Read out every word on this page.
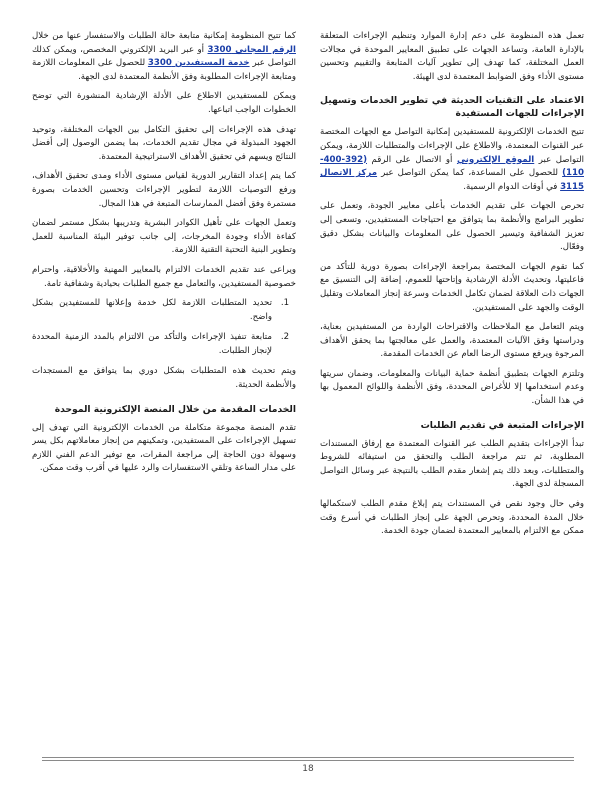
تعمل هذه المنظومة على دعم إدارة الموارد وتنظيم الإجراءات المتعلقة بالإدارة العامة، وتساعد الجهات على تطبيق المعايير الموحدة في مجالات العمل المختلفة، كما تهدف إلى تطوير آليات المتابعة والتقييم وتحسين مستوى الأداء وفق الضوابط المعتمدة لدى الهيئة.

الاعتماد على التقنيات الحديثة في تطوير الخدمات وتسهيل الإجراءات للجهات المستفيدة

تتيح الخدمات الإلكترونية للمستفيدين إمكانية التواصل مع الجهات المختصة عبر القنوات المعتمدة، والاطلاع على الإجراءات والمتطلبات اللازمة، ويمكن التواصل عبر الموقع الإلكتروني أو الاتصال على الرقم (392-400-110) للحصول على المساعدة، كما يمكن التواصل عبر مركز الاتصال 3115 في أوقات الدوام الرسمية.

تحرص الجهات على تقديم الخدمات بأعلى معايير الجودة، وتعمل على تطوير البرامج والأنظمة بما يتوافق مع احتياجات المستفيدين، وتسعى إلى تعزيز الشفافية وتيسير الحصول على المعلومات والبيانات بشكل دقيق وفعّال.

كما تقوم الجهات المختصة بمراجعة الإجراءات بصورة دورية للتأكد من فاعليتها، وتحديث الأدلة الإرشادية وإتاحتها للعموم، إضافة إلى التنسيق مع الجهات ذات العلاقة لضمان تكامل الخدمات وسرعة إنجاز المعاملات وتقليل الوقت والجهد على المستفيدين.

ويتم التعامل مع الملاحظات والاقتراحات الواردة من المستفيدين بعناية، ودراستها وفق الآليات المعتمدة، والعمل على معالجتها بما يحقق الأهداف المرجوة ويرفع مستوى الرضا العام عن الخدمات المقدمة.

وتلتزم الجهات بتطبيق أنظمة حماية البيانات والمعلومات، وضمان سريتها وعدم استخدامها إلا للأغراض المحددة، وفق الأنظمة واللوائح المعمول بها في هذا الشأن.

الإجراءات المتبعة في تقديم الطلبات

تبدأ الإجراءات بتقديم الطلب عبر القنوات المعتمدة مع إرفاق المستندات المطلوبة، ثم تتم مراجعة الطلب والتحقق من استيفائه للشروط والمتطلبات، وبعد ذلك يتم إشعار مقدم الطلب بالنتيجة عبر وسائل التواصل المسجلة لدى الجهة.

وفي حال وجود نقص في المستندات يتم إبلاغ مقدم الطلب لاستكمالها خلال المدة المحددة، وتحرص الجهة على إنجاز الطلبات في أسرع وقت ممكن مع الالتزام بالمعايير المعتمدة لضمان جودة الخدمة.

كما تتيح المنظومة إمكانية متابعة حالة الطلبات والاستفسار عنها من خلال الرقم المجاني 3300 أو عبر البريد الإلكتروني المخصص، ويمكن كذلك التواصل عبر خدمة المستفيدين 3300 للحصول على المعلومات اللازمة ومتابعة الإجراءات المطلوبة وفق الأنظمة المعتمدة لدى الجهة.

ويمكن للمستفيدين الاطلاع على الأدلة الإرشادية المنشورة التي توضح الخطوات الواجب اتباعها.

تهدف هذه الإجراءات إلى تحقيق التكامل بين الجهات المختلفة، وتوحيد الجهود المبذولة في مجال تقديم الخدمات، بما يضمن الوصول إلى أفضل النتائج ويسهم في تحقيق الأهداف الاستراتيجية المعتمدة.

كما يتم إعداد التقارير الدورية لقياس مستوى الأداء ومدى تحقيق الأهداف، ورفع التوصيات اللازمة لتطوير الإجراءات وتحسين الخدمات بصورة مستمرة وفق أفضل الممارسات المتبعة في هذا المجال.

وتعمل الجهات على تأهيل الكوادر البشرية وتدريبها بشكل مستمر لضمان كفاءة الأداء وجودة المخرجات، إلى جانب توفير البيئة المناسبة للعمل وتطوير البنية التحتية التقنية اللازمة.

ويراعى عند تقديم الخدمات الالتزام بالمعايير المهنية والأخلاقية، واحترام خصوصية المستفيدين، والتعامل مع جميع الطلبات بحيادية وشفافية تامة.

1.
تحديد المتطلبات اللازمة لكل خدمة وإعلانها للمستفيدين بشكل واضح.
2.
متابعة تنفيذ الإجراءات والتأكد من الالتزام بالمدد الزمنية المحددة لإنجاز الطلبات.

ويتم تحديث هذه المتطلبات بشكل دوري بما يتوافق مع المستجدات والأنظمة الحديثة.

الخدمات المقدمة من خلال المنصة الإلكترونية الموحدة

تقدم المنصة مجموعة متكاملة من الخدمات الإلكترونية التي تهدف إلى تسهيل الإجراءات على المستفيدين، وتمكينهم من إنجاز معاملاتهم بكل يسر وسهولة دون الحاجة إلى مراجعة المقرات، مع توفير الدعم الفني اللازم على مدار الساعة وتلقي الاستفسارات والرد عليها في أقرب وقت ممكن.

18
